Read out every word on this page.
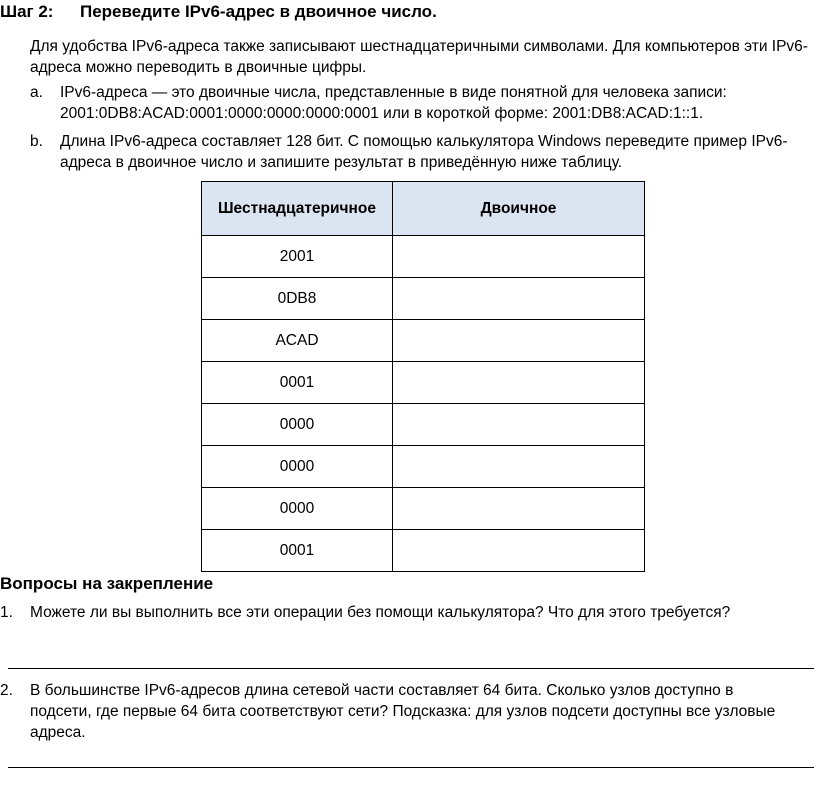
Шаг 2: Переведите IPv6-адрес в двоичное число.
Для удобства IPv6-адреса также записывают шестнадцатеричными символами. Для компьютеров эти IPv6-адреса можно переводить в двоичные цифры.
a. IPv6-адреса — это двоичные числа, представленные в виде понятной для человека записи: 2001:0DB8:ACAD:0001:0000:0000:0000:0001 или в короткой форме: 2001:DB8:ACAD:1::1.
b. Длина IPv6-адреса составляет 128 бит. С помощью калькулятора Windows переведите пример IPv6-адреса в двоичное число и запишите результат в приведённую ниже таблицу.
Шестнадцатеричное	Двоичное
2001	
0DB8	
ACAD	
0001	
0000	
0000	
0000	
0001	
Вопросы на закрепление
1. Можете ли вы выполнить все эти операции без помощи калькулятора? Что для этого требуется?
2. В большинстве IPv6-адресов длина сетевой части составляет 64 бита. Сколько узлов доступно в подсети, где первые 64 бита соответствуют сети? Подсказка: для узлов подсети доступны все узловые адреса.
